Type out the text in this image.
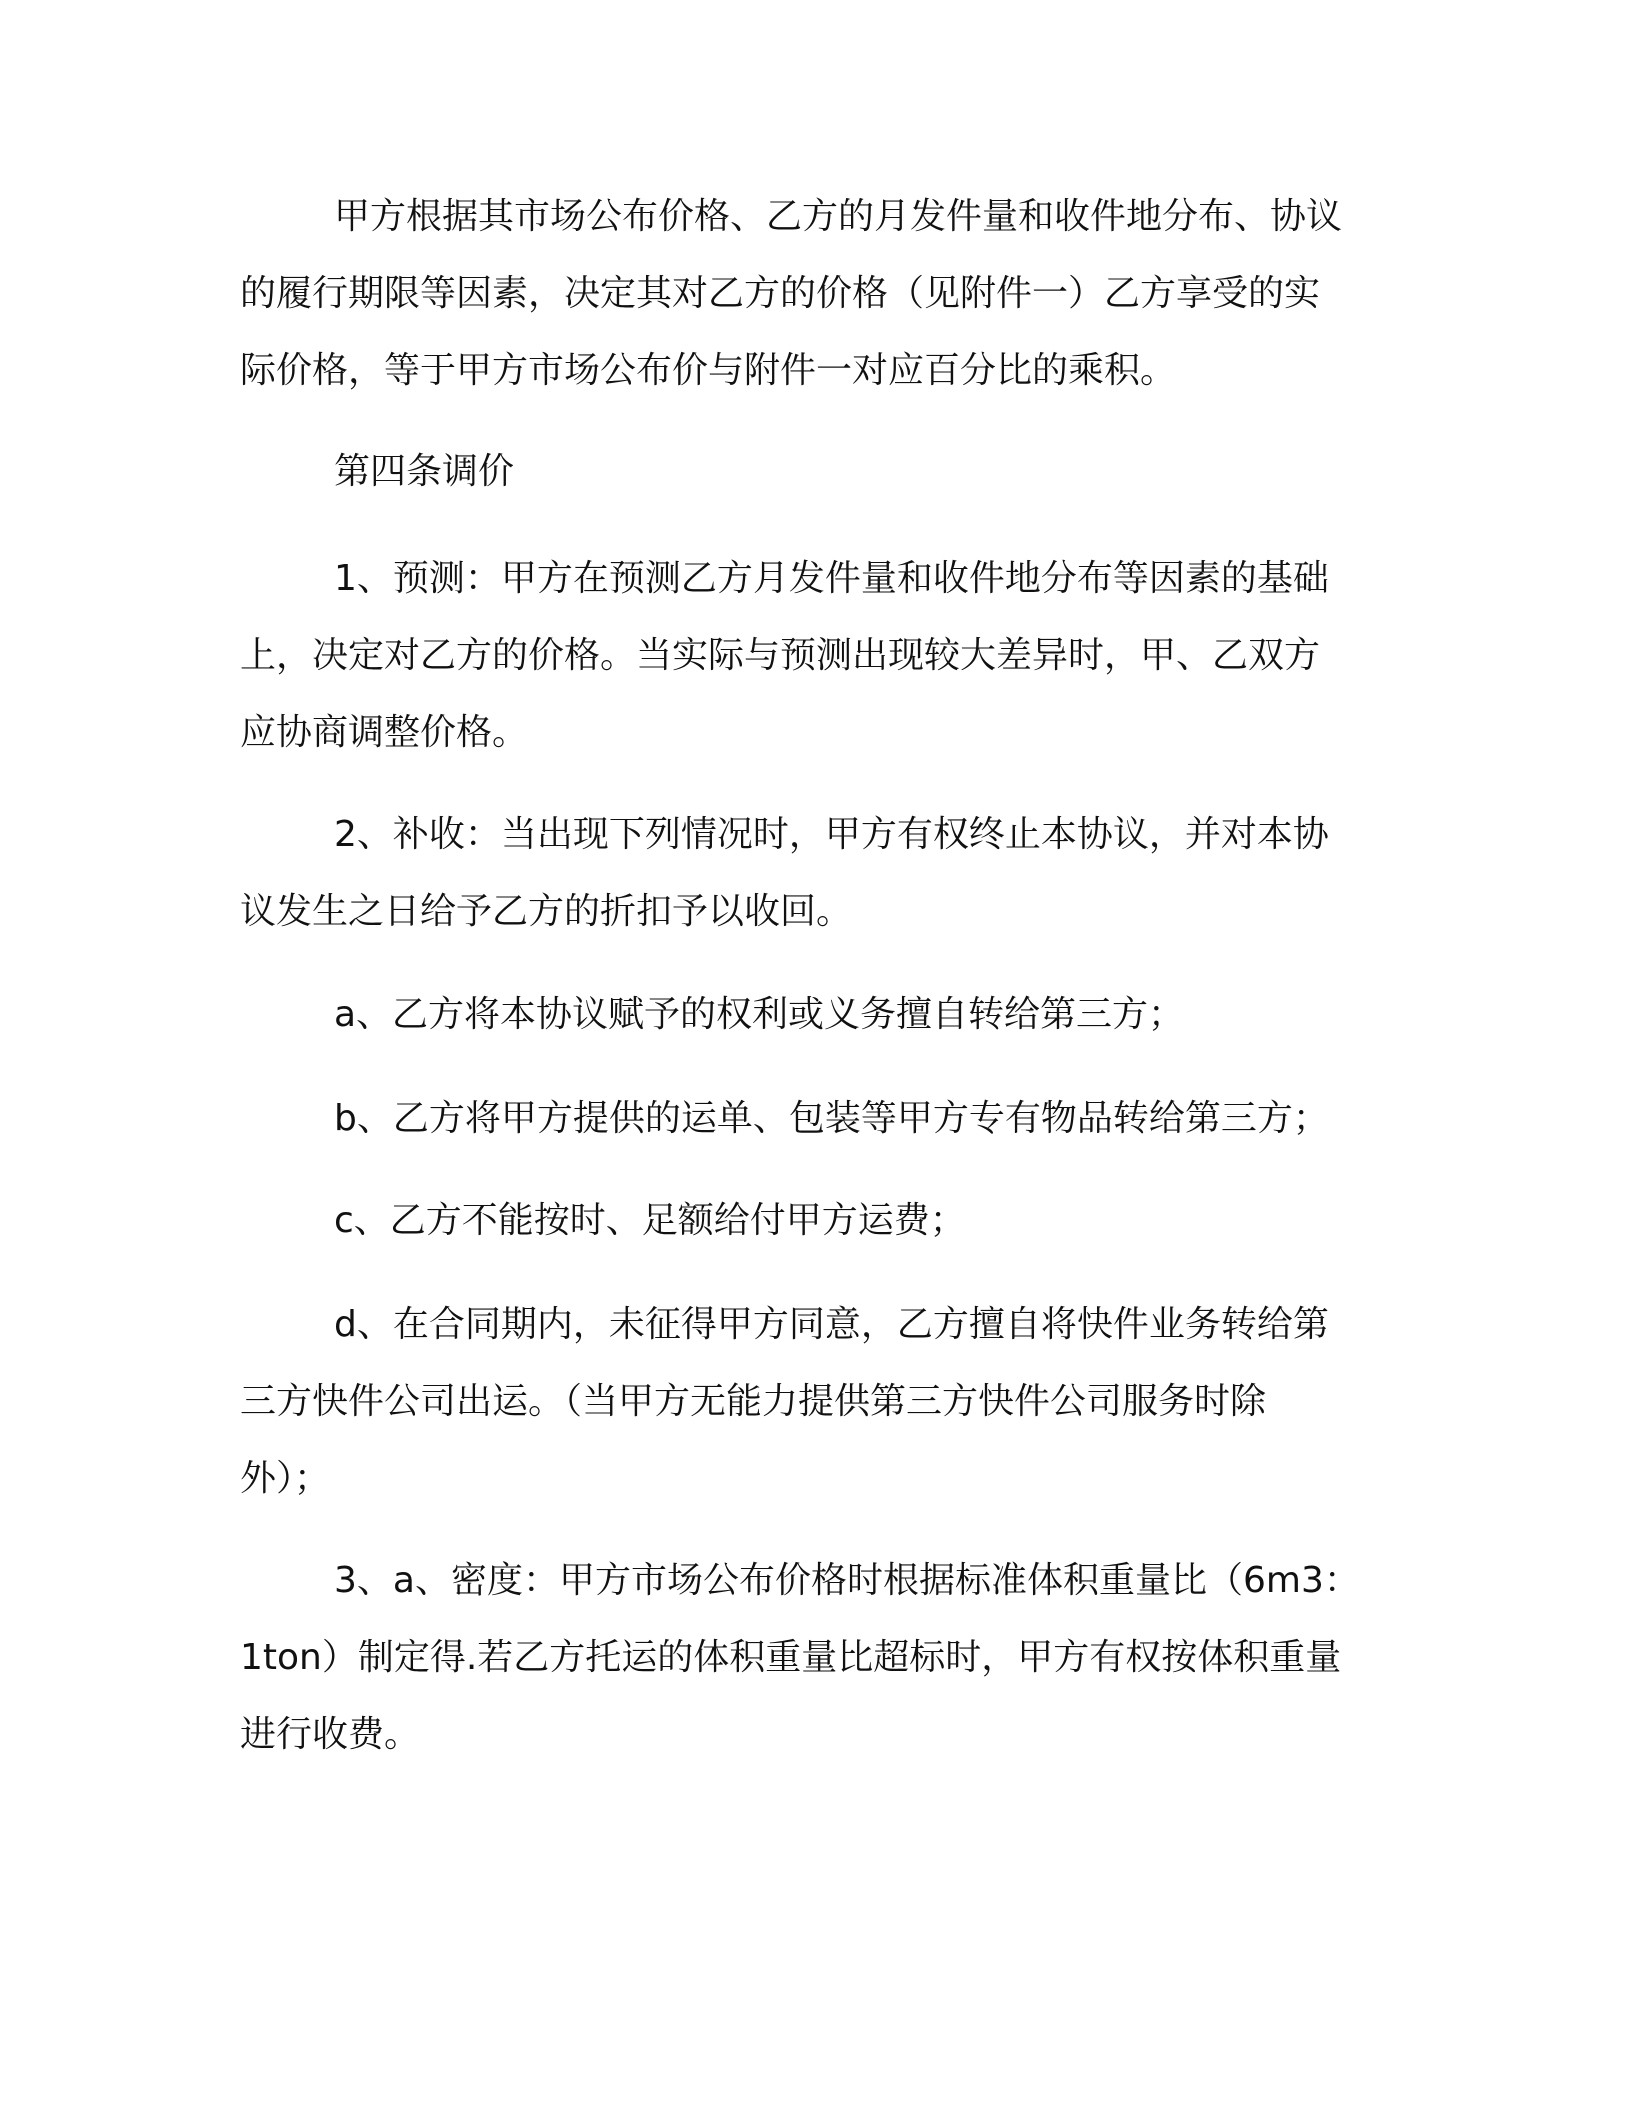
甲方根据其市场公布价格、乙方的月发件量和收件地分布、协议
的履行期限等因素，决定其对乙方的价格（见附件一）乙方享受的实
际价格，等于甲方市场公布价与附件一对应百分比的乘积。

第四条调价

1、预测：甲方在预测乙方月发件量和收件地分布等因素的基础
上，决定对乙方的价格。当实际与预测出现较大差异时，甲、乙双方
应协商调整价格。

2、补收：当出现下列情况时，甲方有权终止本协议，并对本协
议发生之日给予乙方的折扣予以收回。

a、乙方将本协议赋予的权利或义务擅自转给第三方；

b、乙方将甲方提供的运单、包装等甲方专有物品转给第三方；

c、乙方不能按时、足额给付甲方运费；

d、在合同期内，未征得甲方同意，乙方擅自将快件业务转给第
三方快件公司出运。（当甲方无能力提供第三方快件公司服务时除
外）；

3、a、密度：甲方市场公布价格时根据标准体积重量比（6m3：
1ton）制定得.若乙方托运的体积重量比超标时，甲方有权按体积重量
进行收费。
